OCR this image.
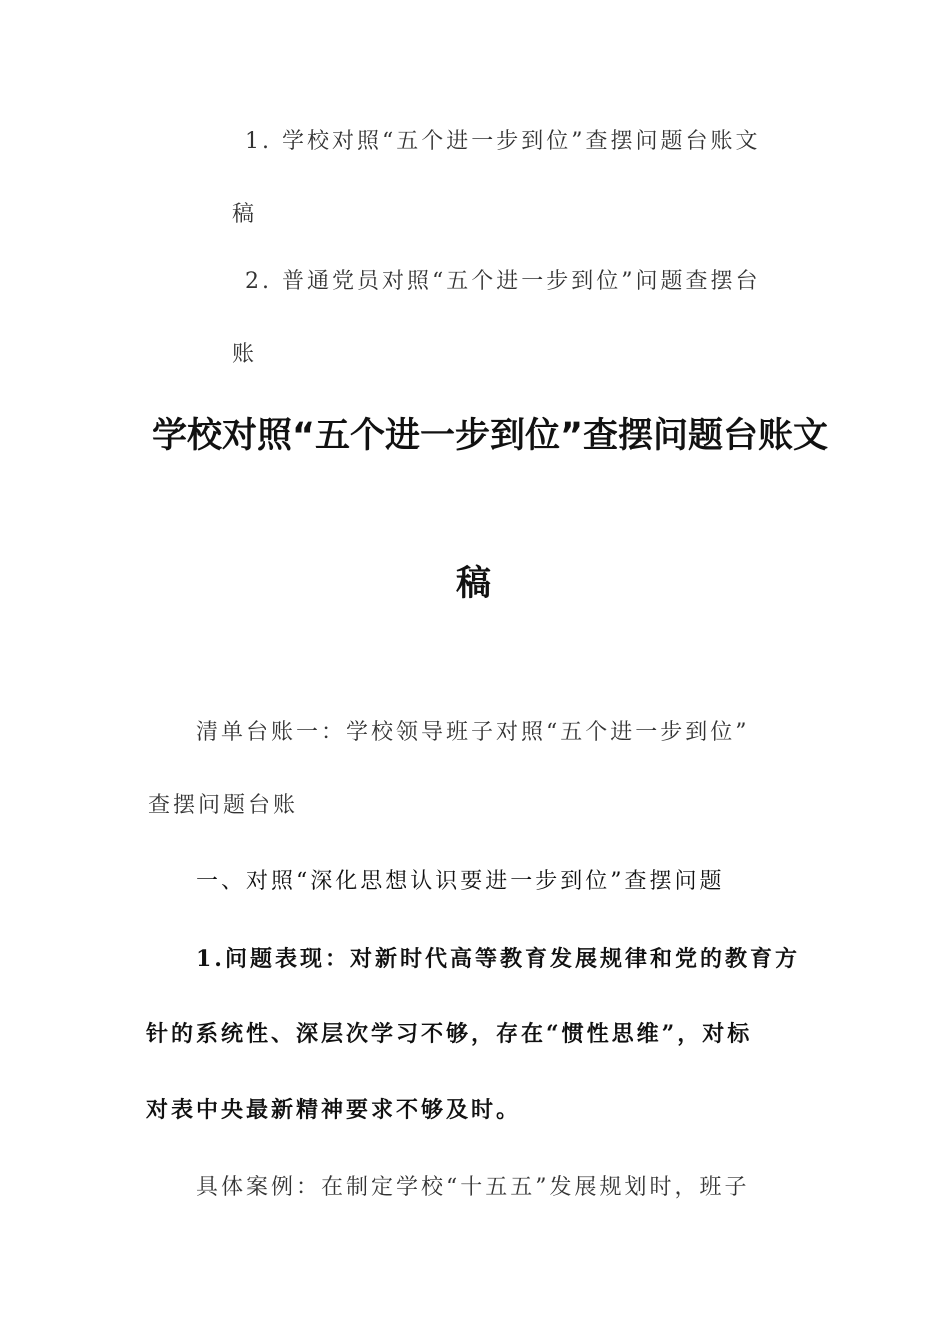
1. 学校对照“五个进一步到位”查摆问题台账文
稿
2. 普通党员对照“五个进一步到位”问题查摆台
账
学校对照“五个进一步到位”查摆问题台账文
稿
清单台账一：学校领导班子对照“五个进一步到位”
查摆问题台账
一、对照“深化思想认识要进一步到位”查摆问题
1.问题表现：对新时代高等教育发展规律和党的教育方
针的系统性、深层次学习不够，存在“惯性思维”，对标
对表中央最新精神要求不够及时。
具体案例：在制定学校“十五五”发展规划时，班子
